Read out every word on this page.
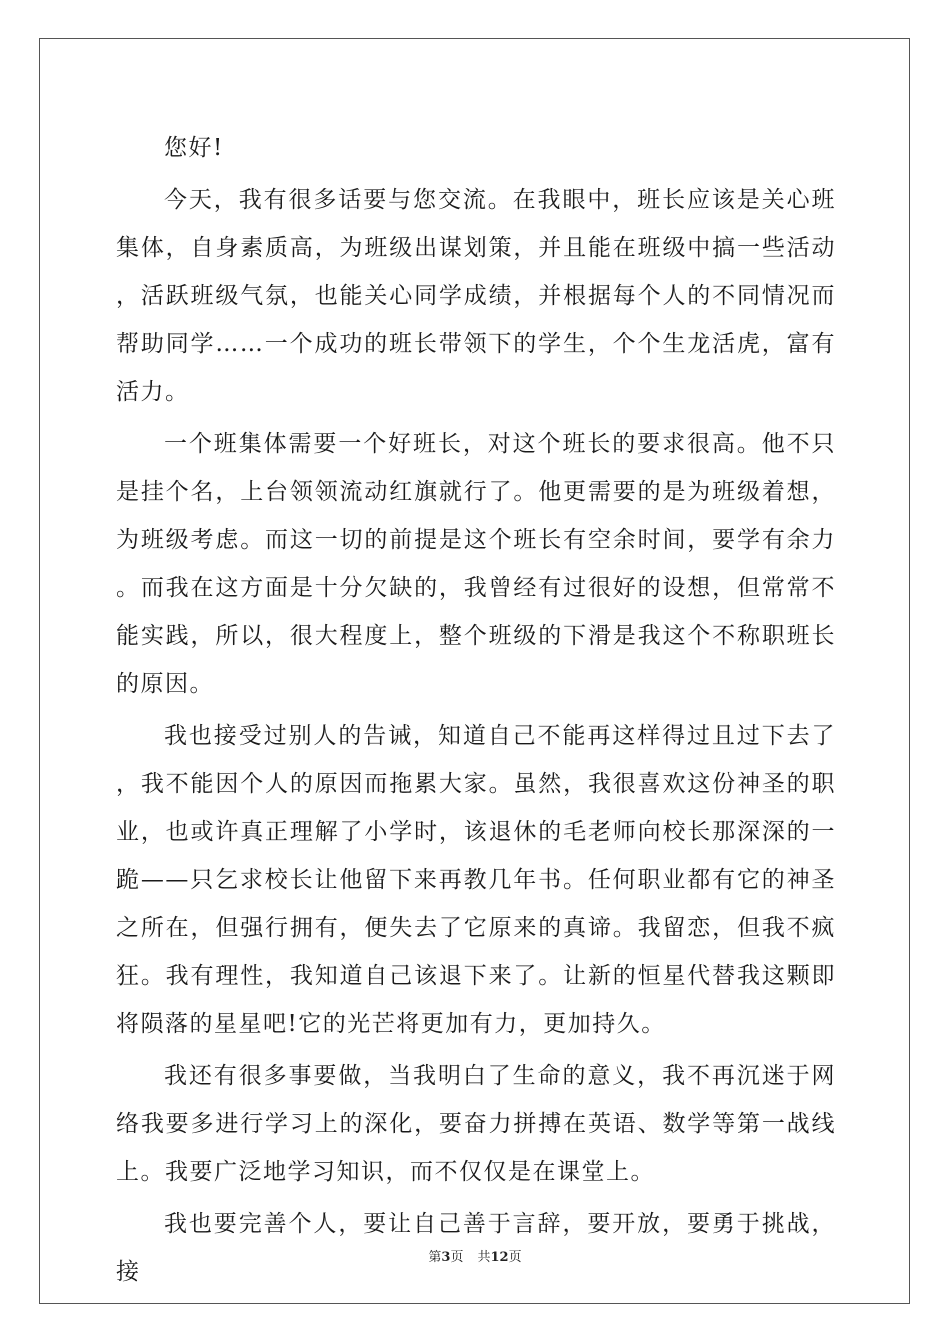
您好!

今天，我有很多话要与您交流。在我眼中，班长应该是关心班集体，自身素质高，为班级出谋划策，并且能在班级中搞一些活动，活跃班级气氛，也能关心同学成绩，并根据每个人的不同情况而帮助同学……一个成功的班长带领下的学生，个个生龙活虎，富有活力。

一个班集体需要一个好班长，对这个班长的要求很高。他不只是挂个名，上台领领流动红旗就行了。他更需要的是为班级着想，为班级考虑。而这一切的前提是这个班长有空余时间，要学有余力。而我在这方面是十分欠缺的，我曾经有过很好的设想，但常常不能实践，所以，很大程度上，整个班级的下滑是我这个不称职班长的原因。

我也接受过别人的告诫，知道自己不能再这样得过且过下去了，我不能因个人的原因而拖累大家。虽然，我很喜欢这份神圣的职业，也或许真正理解了小学时，该退休的毛老师向校长那深深的一跪——只乞求校长让他留下来再教几年书。任何职业都有它的神圣之所在，但强行拥有，便失去了它原来的真谛。我留恋，但我不疯狂。我有理性，我知道自己该退下来了。让新的恒星代替我这颗即将陨落的星星吧!它的光芒将更加有力，更加持久。

我还有很多事要做，当我明白了生命的意义，我不再沉迷于网络我要多进行学习上的深化，要奋力拼搏在英语、数学等第一战线上。我要广泛地学习知识，而不仅仅是在课堂上。

我也要完善个人，要让自己善于言辞，要开放，要勇于挑战，接

第3页 共12页
